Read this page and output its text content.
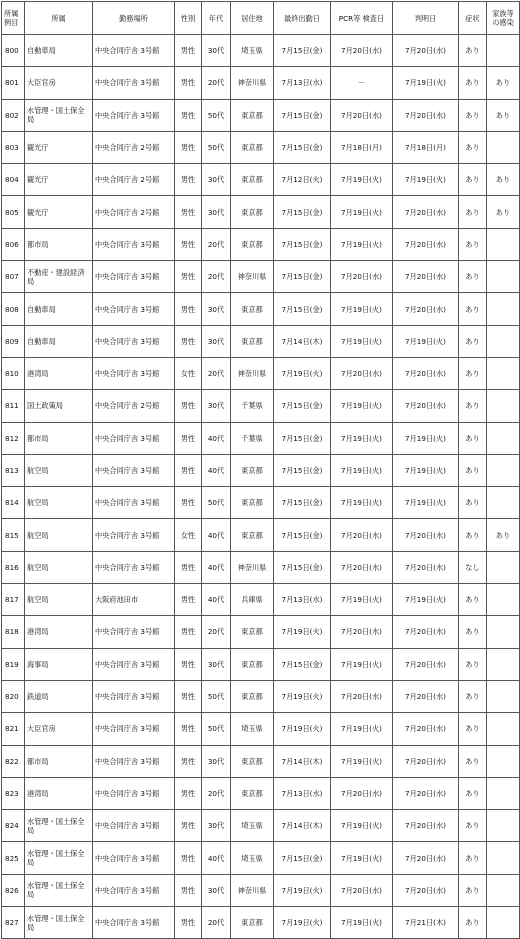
所属 例目	所属	勤務場所	性別	年代	居住地	最終出勤日	PCR等 検査日	判明日	症状	家族等 の感染
800	自動車局	中央合同庁舎 3号館	男性	30代	埼玉県	7月15日(金)	7月20日(水)	7月20日(水)	あり	
801	大臣官房	中央合同庁舎 3号館	男性	20代	神奈川県	7月13日(水)	－	7月19日(火)	あり	あり
802	水管理・国土保全局	中央合同庁舎 3号館	男性	50代	東京都	7月15日(金)	7月20日(水)	7月20日(水)	あり	あり
803	観光庁	中央合同庁舎 2号館	男性	50代	東京都	7月15日(金)	7月18日(月)	7月18日(月)	あり	
804	観光庁	中央合同庁舎 2号館	男性	30代	東京都	7月12日(火)	7月19日(火)	7月19日(火)	あり	あり
805	観光庁	中央合同庁舎 2号館	男性	30代	東京都	7月15日(金)	7月19日(火)	7月20日(水)	あり	あり
806	都市局	中央合同庁舎 3号館	男性	20代	東京都	7月15日(金)	7月19日(火)	7月20日(水)	あり	
807	不動産・建設経済局	中央合同庁舎 3号館	男性	20代	神奈川県	7月15日(金)	7月20日(水)	7月20日(水)	あり	
808	自動車局	中央合同庁舎 3号館	男性	30代	東京都	7月15日(金)	7月19日(火)	7月20日(水)	あり	
809	自動車局	中央合同庁舎 3号館	男性	30代	東京都	7月14日(木)	7月19日(火)	7月19日(火)	あり	
810	港湾局	中央合同庁舎 3号館	女性	20代	神奈川県	7月19日(火)	7月20日(水)	7月20日(水)	あり	
811	国土政策局	中央合同庁舎 2号館	男性	30代	千葉県	7月15日(金)	7月19日(火)	7月20日(水)	あり	
812	都市局	中央合同庁舎 3号館	男性	40代	千葉県	7月15日(金)	7月19日(火)	7月19日(火)	あり	
813	航空局	中央合同庁舎 3号館	男性	40代	東京都	7月15日(金)	7月19日(火)	7月19日(火)	あり	
814	航空局	中央合同庁舎 3号館	男性	50代	東京都	7月15日(金)	7月19日(火)	7月19日(火)	あり	
815	航空局	中央合同庁舎 3号館	女性	40代	東京都	7月15日(金)	7月20日(水)	7月20日(水)	あり	あり
816	航空局	中央合同庁舎 3号館	男性	40代	神奈川県	7月15日(金)	7月20日(水)	7月20日(水)	なし	
817	航空局	大阪府池田市	男性	40代	兵庫県	7月13日(水)	7月19日(火)	7月19日(火)	あり	
818	港湾局	中央合同庁舎 3号館	男性	20代	東京都	7月19日(火)	7月20日(水)	7月20日(水)	あり	
819	海事局	中央合同庁舎 3号館	男性	30代	東京都	7月15日(金)	7月19日(火)	7月20日(水)	あり	
820	鉄道局	中央合同庁舎 3号館	男性	50代	東京都	7月19日(火)	7月20日(水)	7月20日(水)	あり	
821	大臣官房	中央合同庁舎 3号館	男性	50代	埼玉県	7月19日(火)	7月19日(火)	7月20日(水)	あり	
822	都市局	中央合同庁舎 3号館	男性	30代	東京都	7月14日(木)	7月19日(火)	7月20日(水)	あり	
823	港湾局	中央合同庁舎 3号館	男性	20代	東京都	7月13日(水)	7月20日(水)	7月20日(水)	あり	
824	水管理・国土保全局	中央合同庁舎 3号館	男性	30代	埼玉県	7月14日(木)	7月19日(火)	7月20日(水)	あり	
825	水管理・国土保全局	中央合同庁舎 3号館	男性	40代	埼玉県	7月15日(金)	7月19日(火)	7月20日(水)	あり	
826	水管理・国土保全局	中央合同庁舎 3号館	男性	30代	神奈川県	7月19日(火)	7月20日(水)	7月20日(水)	あり	
827	水管理・国土保全局	中央合同庁舎 3号館	男性	20代	東京都	7月19日(火)	7月19日(火)	7月21日(木)	あり	
